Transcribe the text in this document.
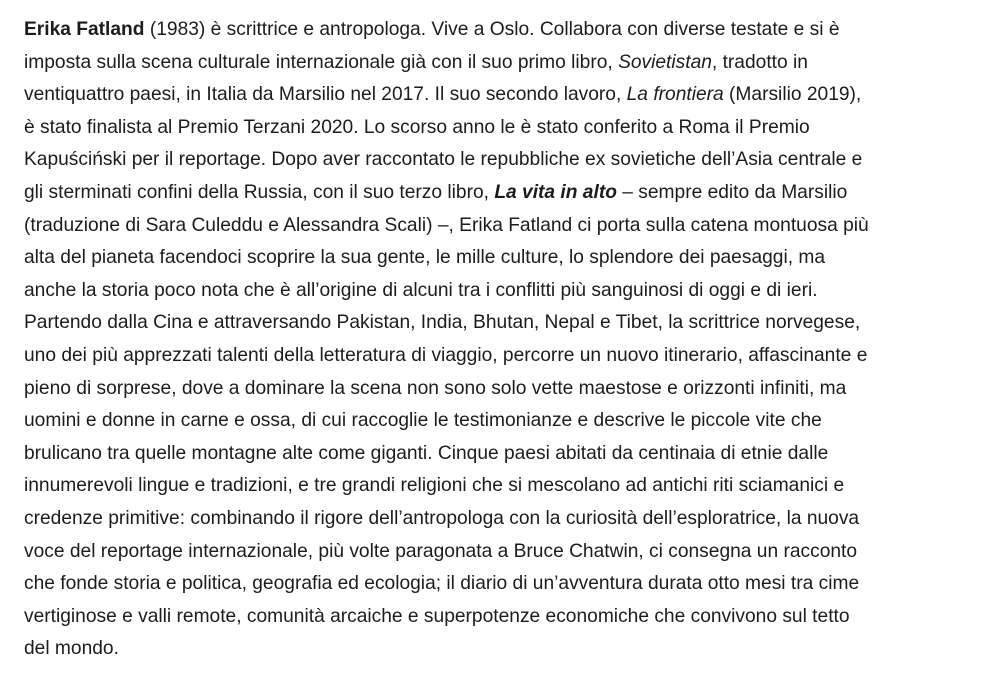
Erika Fatland (1983) è scrittrice e antropologa. Vive a Oslo. Collabora con diverse testate e si è
imposta sulla scena culturale internazionale già con il suo primo libro, Sovietistan, tradotto in
ventiquattro paesi, in Italia da Marsilio nel 2017. Il suo secondo lavoro, La frontiera (Marsilio 2019),
è stato finalista al Premio Terzani 2020. Lo scorso anno le è stato conferito a Roma il Premio
Kapuściński per il reportage. Dopo aver raccontato le repubbliche ex sovietiche dell’Asia centrale e
gli sterminati confini della Russia, con il suo terzo libro, La vita in alto – sempre edito da Marsilio
(traduzione di Sara Culeddu e Alessandra Scali) –, Erika Fatland ci porta sulla catena montuosa più
alta del pianeta facendoci scoprire la sua gente, le mille culture, lo splendore dei paesaggi, ma
anche la storia poco nota che è all’origine di alcuni tra i conflitti più sanguinosi di oggi e di ieri.
Partendo dalla Cina e attraversando Pakistan, India, Bhutan, Nepal e Tibet, la scrittrice norvegese,
uno dei più apprezzati talenti della letteratura di viaggio, percorre un nuovo itinerario, affascinante e
pieno di sorprese, dove a dominare la scena non sono solo vette maestose e orizzonti infiniti, ma
uomini e donne in carne e ossa, di cui raccoglie le testimonianze e descrive le piccole vite che
brulicano tra quelle montagne alte come giganti. Cinque paesi abitati da centinaia di etnie dalle
innumerevoli lingue e tradizioni, e tre grandi religioni che si mescolano ad antichi riti sciamanici e
credenze primitive: combinando il rigore dell’antropologa con la curiosità dell’esploratrice, la nuova
voce del reportage internazionale, più volte paragonata a Bruce Chatwin, ci consegna un racconto
che fonde storia e politica, geografia ed ecologia; il diario di un’avventura durata otto mesi tra cime
vertiginose e valli remote, comunità arcaiche e superpotenze economiche che convivono sul tetto
del mondo.
